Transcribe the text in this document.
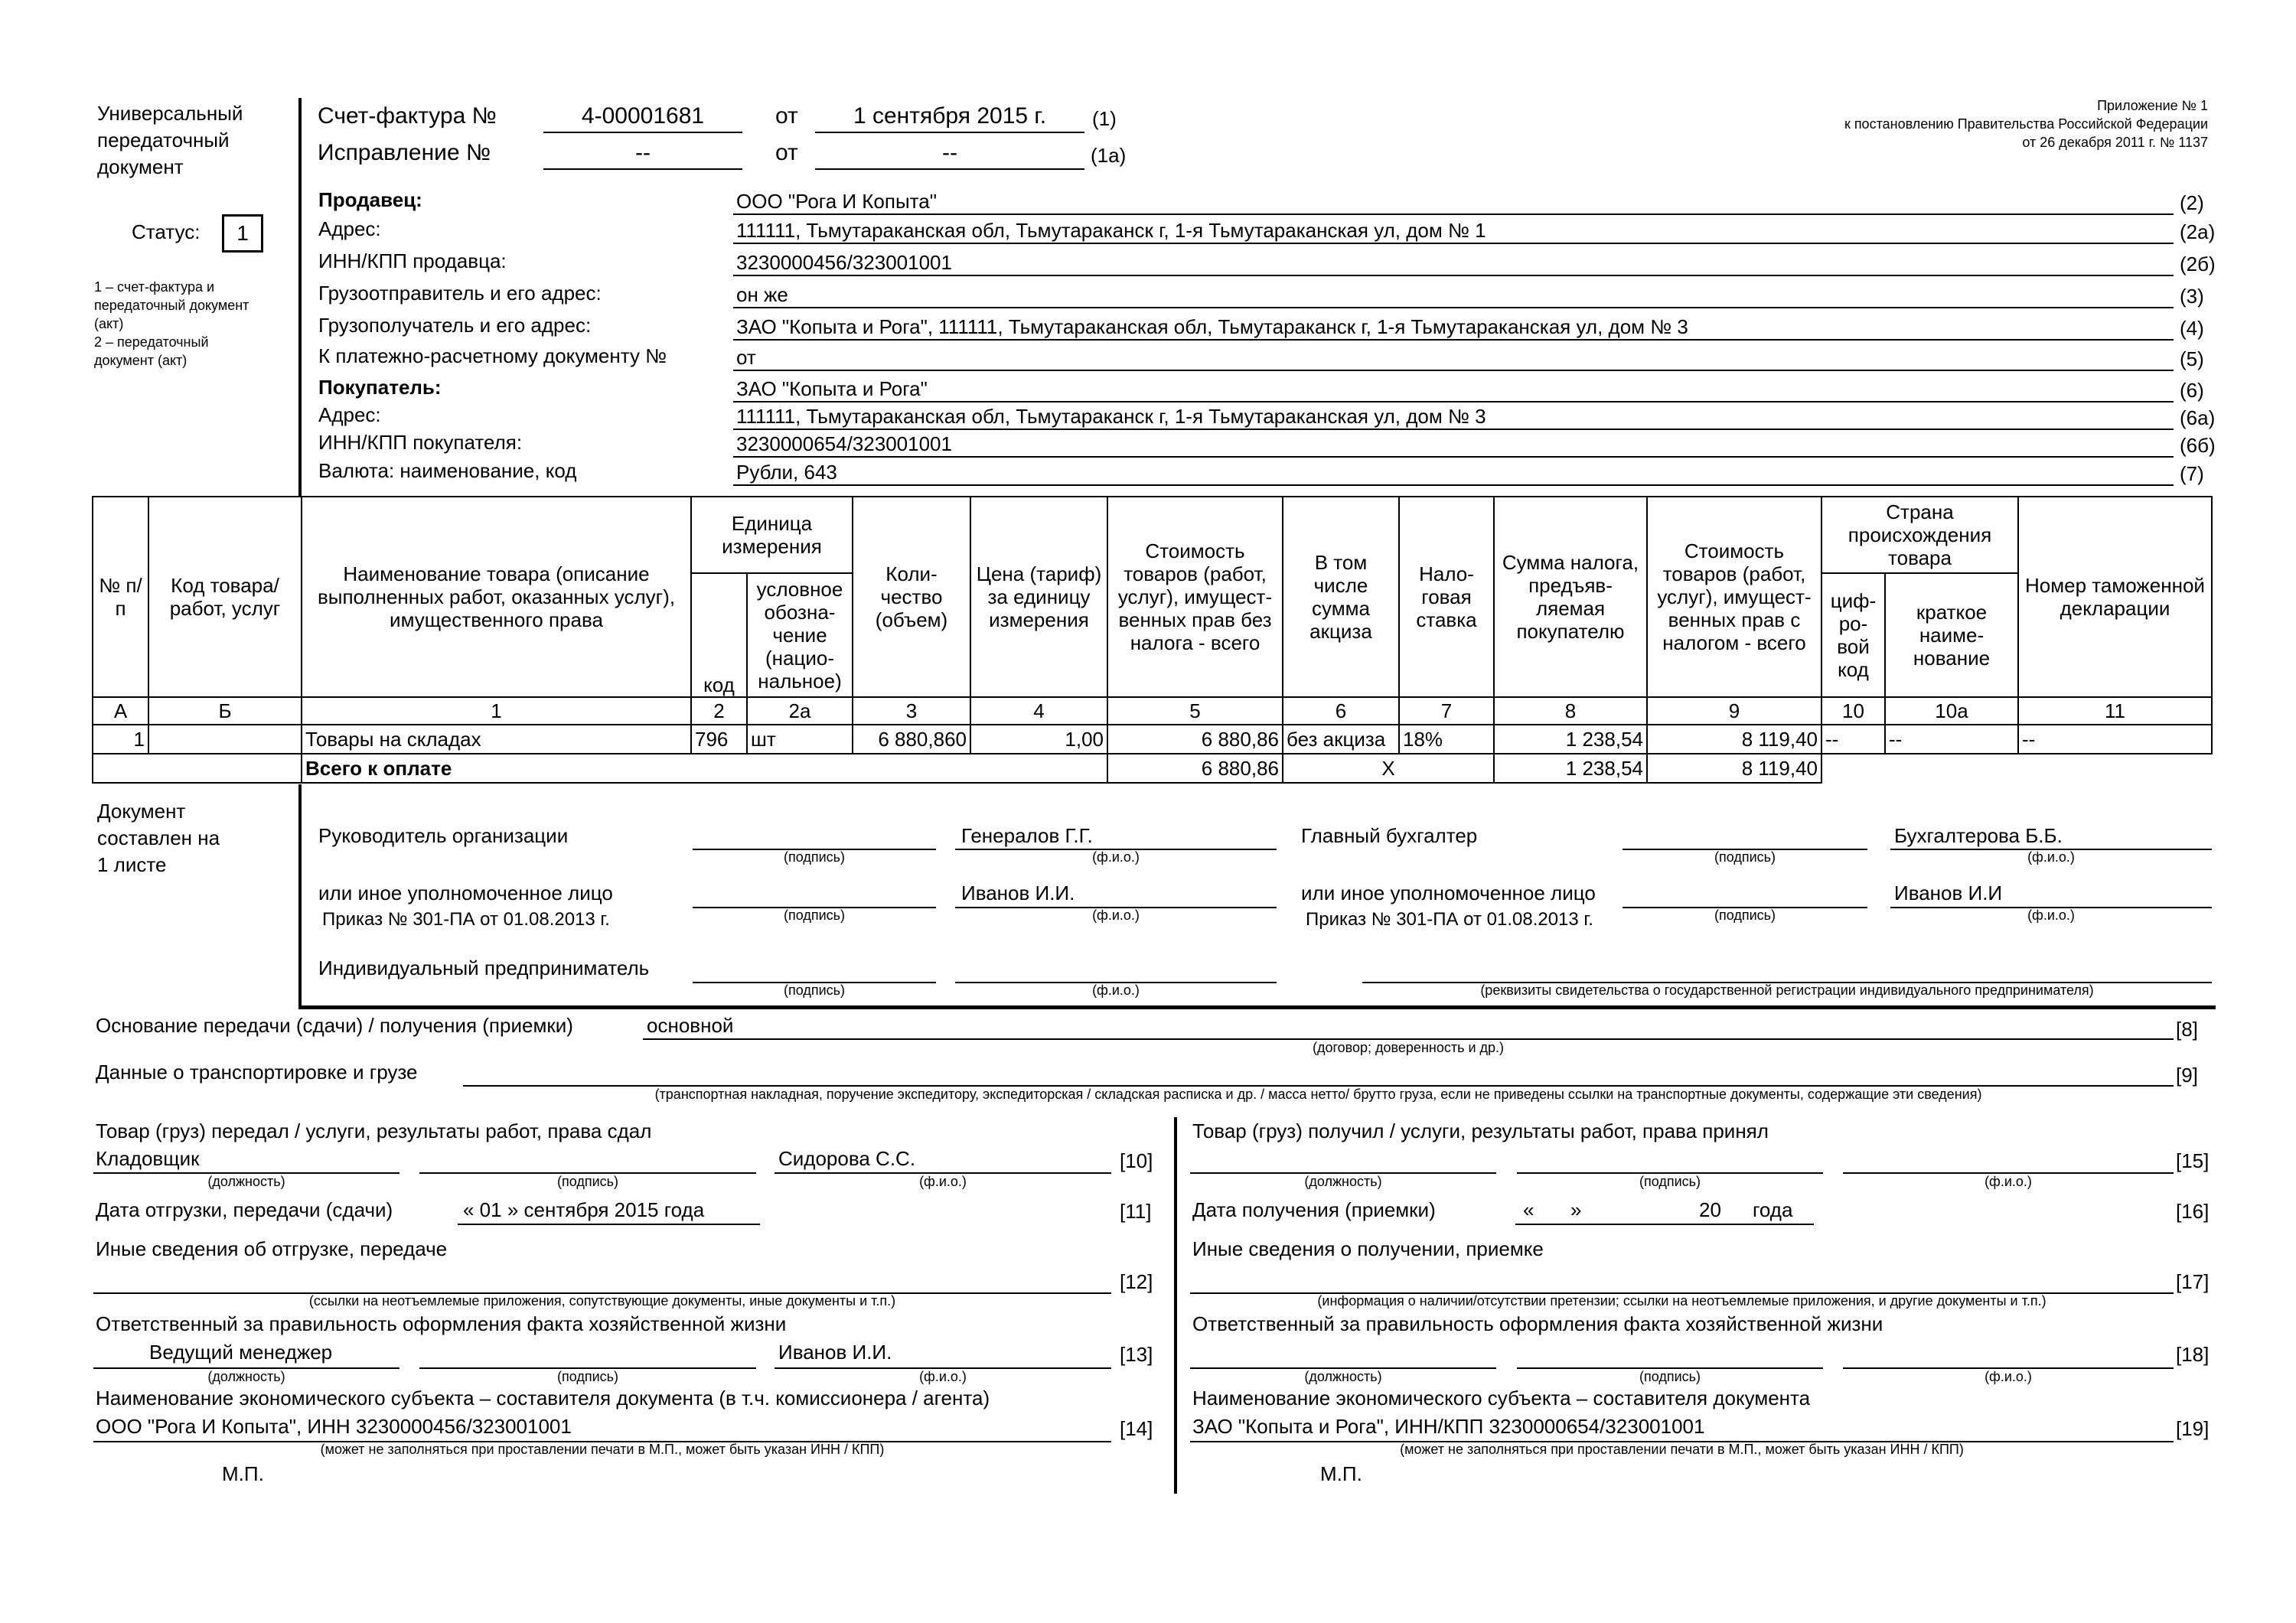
Универсальный
передаточный
документ
Статус:	1
1 – счет-фактура и
передаточный документ
(акт)
2 – передаточный
документ (акт)
Счет-фактура №	4-00001681	от	1 сентября 2015 г.	(1)
Исправление №	--	от	--	(1а)
Приложение № 1
к постановлению Правительства Российской Федерации
от 26 декабря 2011 г. № 1137
Продавец:	ООО "Рога И Копыта"	(2)
Адрес:	111111, Тьмутараканская обл, Тьмутараканск г, 1-я Тьмутараканская ул, дом № 1	(2а)
ИНН/КПП продавца:	3230000456/323001001	(2б)
Грузоотправитель и его адрес:	он же	(3)
Грузополучатель и его адрес:	ЗАО "Копыта и Рога", 111111, Тьмутараканская обл, Тьмутараканск г, 1-я Тьмутараканская ул, дом № 3	(4)
К платежно-расчетному документу №	от	(5)
Покупатель:	ЗАО "Копыта и Рога"	(6)
Адрес:	111111, Тьмутараканская обл, Тьмутараканск г, 1-я Тьмутараканская ул, дом № 3	(6а)
ИНН/КПП покупателя:	3230000654/323001001	(6б)
Валюта: наименование, код	Рубли, 643	(7)
№ п/п	Код товара/ работ, услуг	Наименование товара (описание выполненных работ, оказанных услуг), имущественного права	Единица измерения		Коли-чество (объем)	Цена (тариф) за единицу измерения	Стоимость товаров (работ, услуг), имущест-венных прав без налога - всего	В том числе сумма акциза	Нало-говая ставка	Сумма налога, предъяв-ляемая покупателю	Стоимость товаров (работ, услуг), имущест-венных прав с налогом - всего	Страна происхождения товара		Номер таможенной декларации
			код	условное обозна-чение (нацио-нальное)								циф-ро-вой код	краткое наиме-нование	
А	Б	1	2	2а	3	4	5	6	7	8	9	10	10а	11
1		Товары на складах	796	шт	6 880,860	1,00	6 880,86	без акциза	18%	1 238,54	8 119,40	--	--	--
		Всего к оплате					6 880,86	X		1 238,54	8 119,40			
Документ
составлен на
1 листе
Руководитель организации
(подпись)
Генералов Г.Г.
(ф.и.о.)
Главный бухгалтер
(подпись)
Бухгалтерова Б.Б.
(ф.и.о.)
или иное уполномоченное лицо
Приказ № 301-ПА от 01.08.2013 г.	(подпись)
Иванов И.И.
(ф.и.о.)
или иное уполномоченное лицо
Приказ № 301-ПА от 01.08.2013 г.	(подпись)
Иванов И.И
(ф.и.о.)
Индивидуальный предприниматель
(подпись)	(ф.и.о.)	(реквизиты свидетельства о государственной регистрации индивидуального предпринимателя)
Основание передачи (сдачи) / получения (приемки)	основной
(договор; доверенность и др.)
[8]
Данные о транспортировке и грузе
(транспортная накладная, поручение экспедитору, экспедиторская / складская расписка и др. / масса нетто/ брутто груза, если не приведены ссылки на транспортные документы, содержащие эти сведения)
[9]
Товар (груз) передал / услуги, результаты работ, права сдал
Кладовщик
(должность)	(подпись)
Сидорова С.С.
(ф.и.о.)
[10]
Дата отгрузки, передачи (сдачи)	« 01 » сентября 2015 года	[11]
Иные сведения об отгрузке, передаче
(ссылки на неотъемлемые приложения, сопутствующие документы, иные документы и т.п.)
[12]
Ответственный за правильность оформления факта хозяйственной жизни
Ведущий менеджер
(должность)	(подпись)
Иванов И.И.
(ф.и.о.)
[13]
Наименование экономического субъекта – составителя документа (в т.ч. комиссионера / агента)
ООО "Рога И Копыта", ИНН 3230000456/323001001
(может не заполняться при проставлении печати в М.П., может быть указан ИНН / КПП)
[14]
М.П.
Товар (груз) получил / услуги, результаты работ, права принял
(должность)	(подпись)	(ф.и.о.)
[15]
Дата получения (приемки)	« »	20 года	[16]
Иные сведения о получении, приемке
(информация о наличии/отсутствии претензии; ссылки на неотъемлемые приложения, и другие документы и т.п.)
[17]
Ответственный за правильность оформления факта хозяйственной жизни
(должность)	(подпись)	(ф.и.о.)
[18]
Наименование экономического субъекта – составителя документа
ЗАО "Копыта и Рога", ИНН/КПП 3230000654/323001001
(может не заполняться при проставлении печати в М.П., может быть указан ИНН / КПП)
[19]
М.П.
